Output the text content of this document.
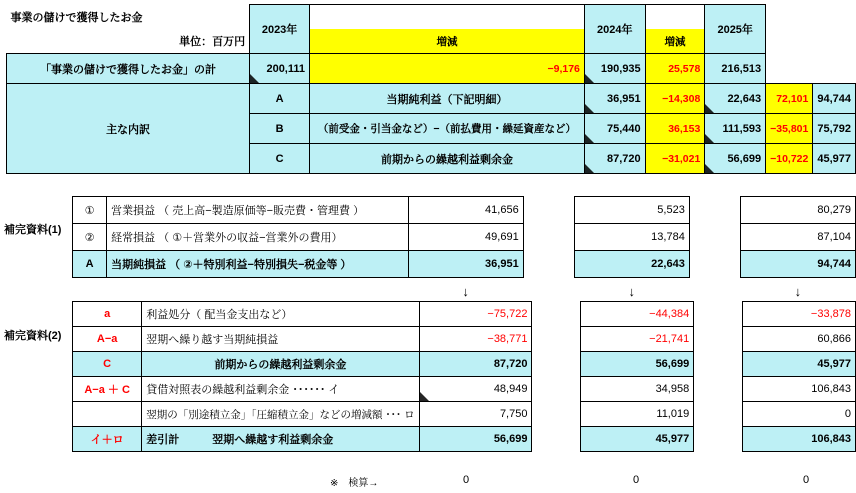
事業の儲けで獲得したお金	2023年		2024年		2025年		
単位：百万円		増減		増減			
「事業の儲けで獲得したお金」の計	200,111	−9,176	190,935	25,578	216,513		
主な内訳	A	当期純利益（下記明細）	36,951	−14,308	22,643	72,101	94,744
	B	（前受金・引当金など）−（前払費用・繰延資産など）	75,440	36,153	111,593	−35,801	75,792
	C	前期からの繰越利益剰余金	87,720	−31,021	56,699	−10,722	45,977
補完資料(1)
①	営業損益 （ 売上高−製造原価等−販売費・管理費 ）	41,656		5,523		80,279
②	経常損益 （ ①＋営業外の収益−営業外の費用）	49,691		13,784		87,104
A	当期純損益 （ ②＋特別利益−特別損失−税金等 ）	36,951		22,643		94,744
		↓		↓		↓
補完資料(2)
a	利益処分（ 配当金支出など）	−75,722		−44,384		−33,878
A−a	翌期へ繰り越す当期純損益	−38,771		−21,741		60,866
C	前期からの繰越利益剰余金	87,720		56,699		45,977
A−a ＋ C	貸借対照表の繰越利益剰余金 ･･････ イ	48,949		34,958		106,843
	翌期の「別途積立金」「圧縮積立金」などの増減額 ･･･ ロ	7,750		11,019		0
イ＋ロ	差引計　　　翌期へ繰越す利益剰余金	56,699		45,977		106,843
※　検算→	0	0	0
